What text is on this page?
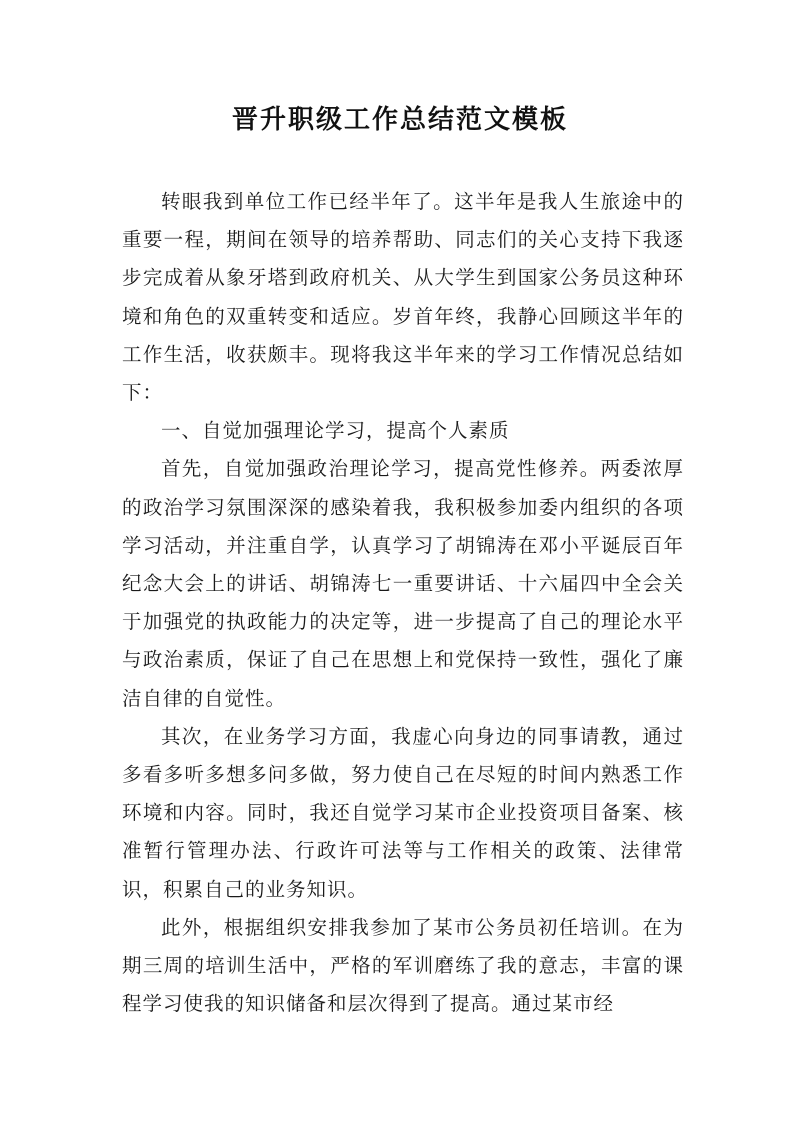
晋升职级工作总结范文模板

转眼我到单位工作已经半年了。这半年是我人生旅途中的重要一程，期间在领导的培养帮助、同志们的关心支持下我逐步完成着从象牙塔到政府机关、从大学生到国家公务员这种环境和角色的双重转变和适应。岁首年终，我静心回顾这半年的工作生活，收获颇丰。现将我这半年来的学习工作情况总结如下：

一、自觉加强理论学习，提高个人素质

首先，自觉加强政治理论学习，提高党性修养。两委浓厚的政治学习氛围深深的感染着我，我积极参加委内组织的各项学习活动，并注重自学，认真学习了胡锦涛在邓小平诞辰百年纪念大会上的讲话、胡锦涛七一重要讲话、十六届四中全会关于加强党的执政能力的决定等，进一步提高了自己的理论水平与政治素质，保证了自己在思想上和党保持一致性，强化了廉洁自律的自觉性。

其次，在业务学习方面，我虚心向身边的同事请教，通过多看多听多想多问多做，努力使自己在尽短的时间内熟悉工作环境和内容。同时，我还自觉学习某市企业投资项目备案、核准暂行管理办法、行政许可法等与工作相关的政策、法律常识，积累自己的业务知识。

此外，根据组织安排我参加了某市公务员初任培训。在为期三周的培训生活中，严格的军训磨练了我的意志，丰富的课程学习使我的知识储备和层次得到了提高。通过某市经
